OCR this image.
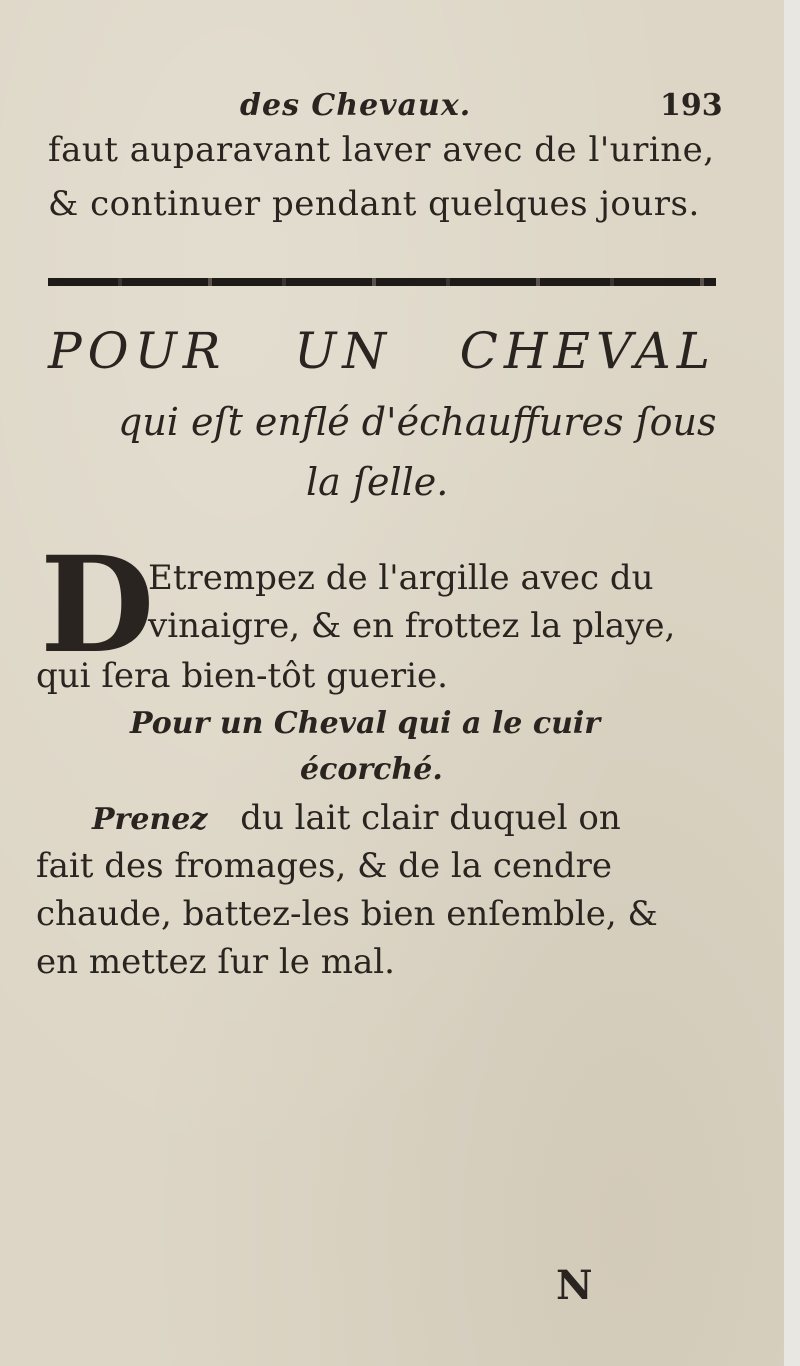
des Chevaux.	193
faut auparavant laver avec de l'urine,
& continuer pendant quelques jours.
POUR UN CHEVAL
qui eſt enflé d'échauffures ſous
la ſelle.
D
Etrempez de l'argille avec du
vinaigre, & en frottez la playe,
qui ſera bien-tôt guerie.
Pour un Cheval qui a le cuir
écorché.
Prenez du lait clair duquel on
fait des fromages, & de la cendre
chaude, battez-les bien enſemble, &
en mettez ſur le mal.
N
